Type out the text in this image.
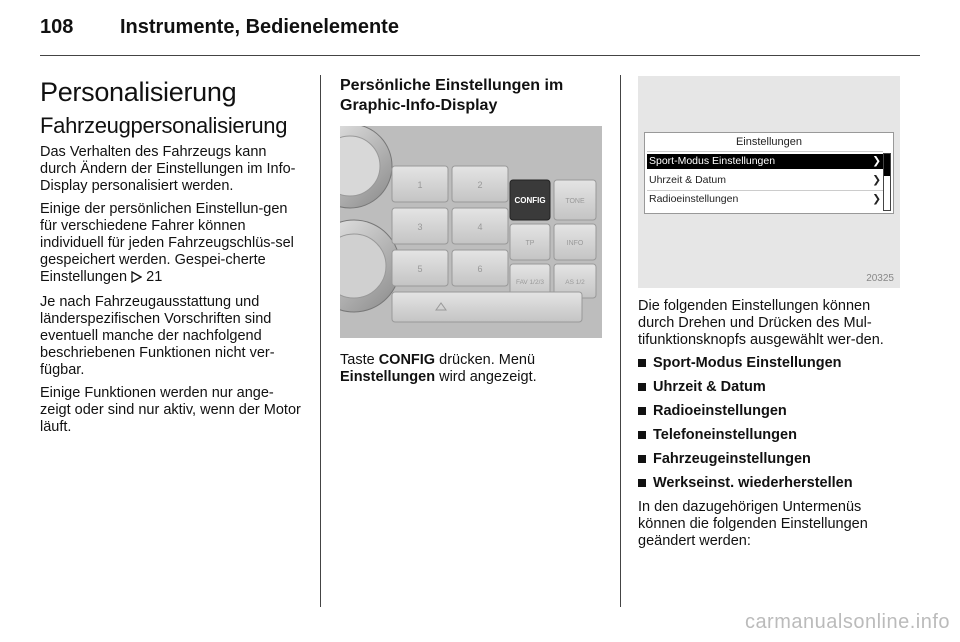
108 Instrumente, Bedienelemente
Personalisierung
Fahrzeugpersonalisierung

Das Verhalten des Fahrzeugs kann durch Ändern der Einstellungen im Info-Display personalisiert werden.

Einige der persönlichen Einstellun-gen für verschiedene Fahrer können individuell für jeden Fahrzeugschlüs-sel gespeichert werden. Gespei-cherte Einstellungen 21

Je nach Fahrzeugausstattung und länderspezifischen Vorschriften sind eventuell manche der nachfolgend beschriebenen Funktionen nicht ver-fügbar.

Einige Funktionen werden nur ange-zeigt oder sind nur aktiv, wenn der Motor läuft.

Persönliche Einstellungen im Graphic-Info-Display
1	2
3	4
5	6
CONFIG	TONE
TP	INFO
FAV 1/2/3	AS 1/2

Taste CONFIG drücken. Menü Einstellungen wird angezeigt.

Einstellungen
Sport-Modus Einstellungen	❯
Uhrzeit & Datum	❯
Radioeinstellungen	❯
20325

Die folgenden Einstellungen können durch Drehen und Drücken des Mul-tifunktionsknopfs ausgewählt wer-den.

Sport-Modus Einstellungen
Uhrzeit & Datum
Radioeinstellungen
Telefoneinstellungen
Fahrzeugeinstellungen
Werkseinst. wiederherstellen

In den dazugehörigen Untermenüs können die folgenden Einstellungen geändert werden:

carmanualsonline.info
